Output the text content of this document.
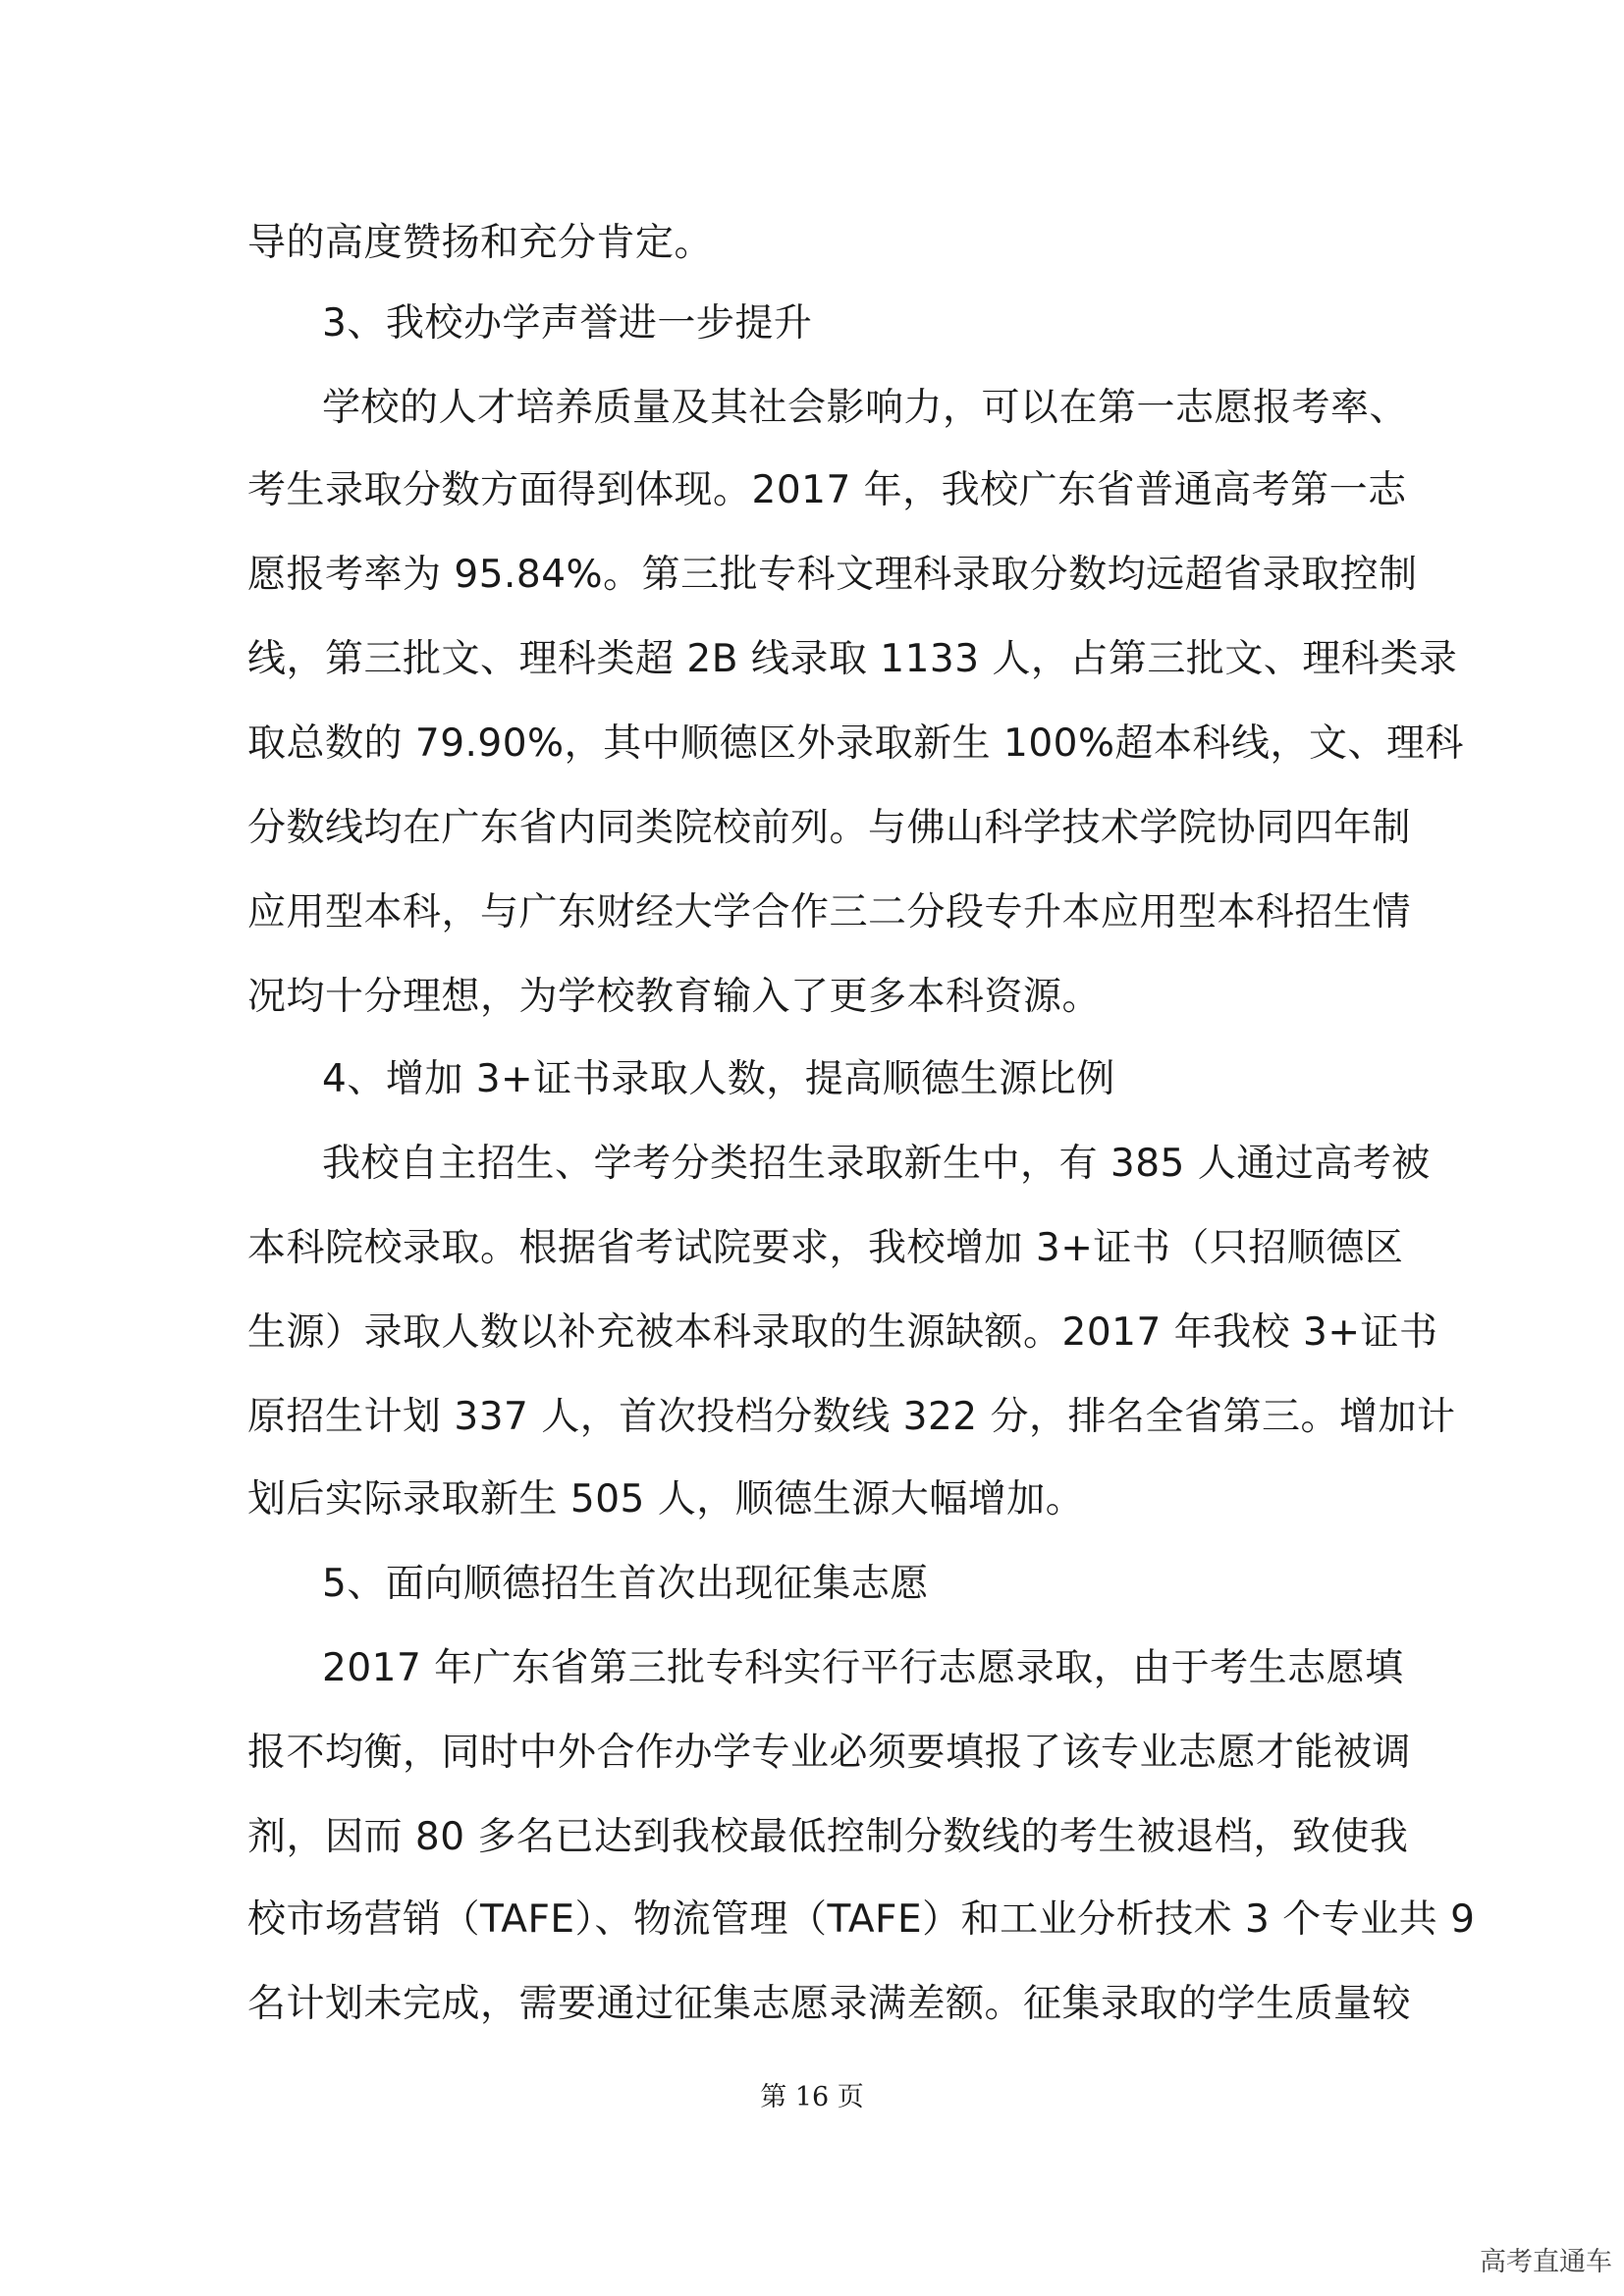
导的高度赞扬和充分肯定。
3、我校办学声誉进一步提升
学校的人才培养质量及其社会影响力，可以在第一志愿报考率、
考生录取分数方面得到体现。2017 年，我校广东省普通高考第一志
愿报考率为 95.84%。第三批专科文理科录取分数均远超省录取控制
线，第三批文、理科类超 2B 线录取 1133 人，占第三批文、理科类录
取总数的 79.90%，其中顺德区外录取新生 100%超本科线，文、理科
分数线均在广东省内同类院校前列。与佛山科学技术学院协同四年制
应用型本科，与广东财经大学合作三二分段专升本应用型本科招生情
况均十分理想，为学校教育输入了更多本科资源。
4、增加 3+证书录取人数，提高顺德生源比例
我校自主招生、学考分类招生录取新生中，有 385 人通过高考被
本科院校录取。根据省考试院要求，我校增加 3+证书（只招顺德区
生源）录取人数以补充被本科录取的生源缺额。2017 年我校 3+证书
原招生计划 337 人，首次投档分数线 322 分，排名全省第三。增加计
划后实际录取新生 505 人，顺德生源大幅增加。
5、面向顺德招生首次出现征集志愿
2017 年广东省第三批专科实行平行志愿录取，由于考生志愿填
报不均衡，同时中外合作办学专业必须要填报了该专业志愿才能被调
剂，因而 80 多名已达到我校最低控制分数线的考生被退档，致使我
校市场营销（TAFE）、物流管理（TAFE）和工业分析技术 3 个专业共 9
名计划未完成，需要通过征集志愿录满差额。征集录取的学生质量较
第 16 页
高考直通车
